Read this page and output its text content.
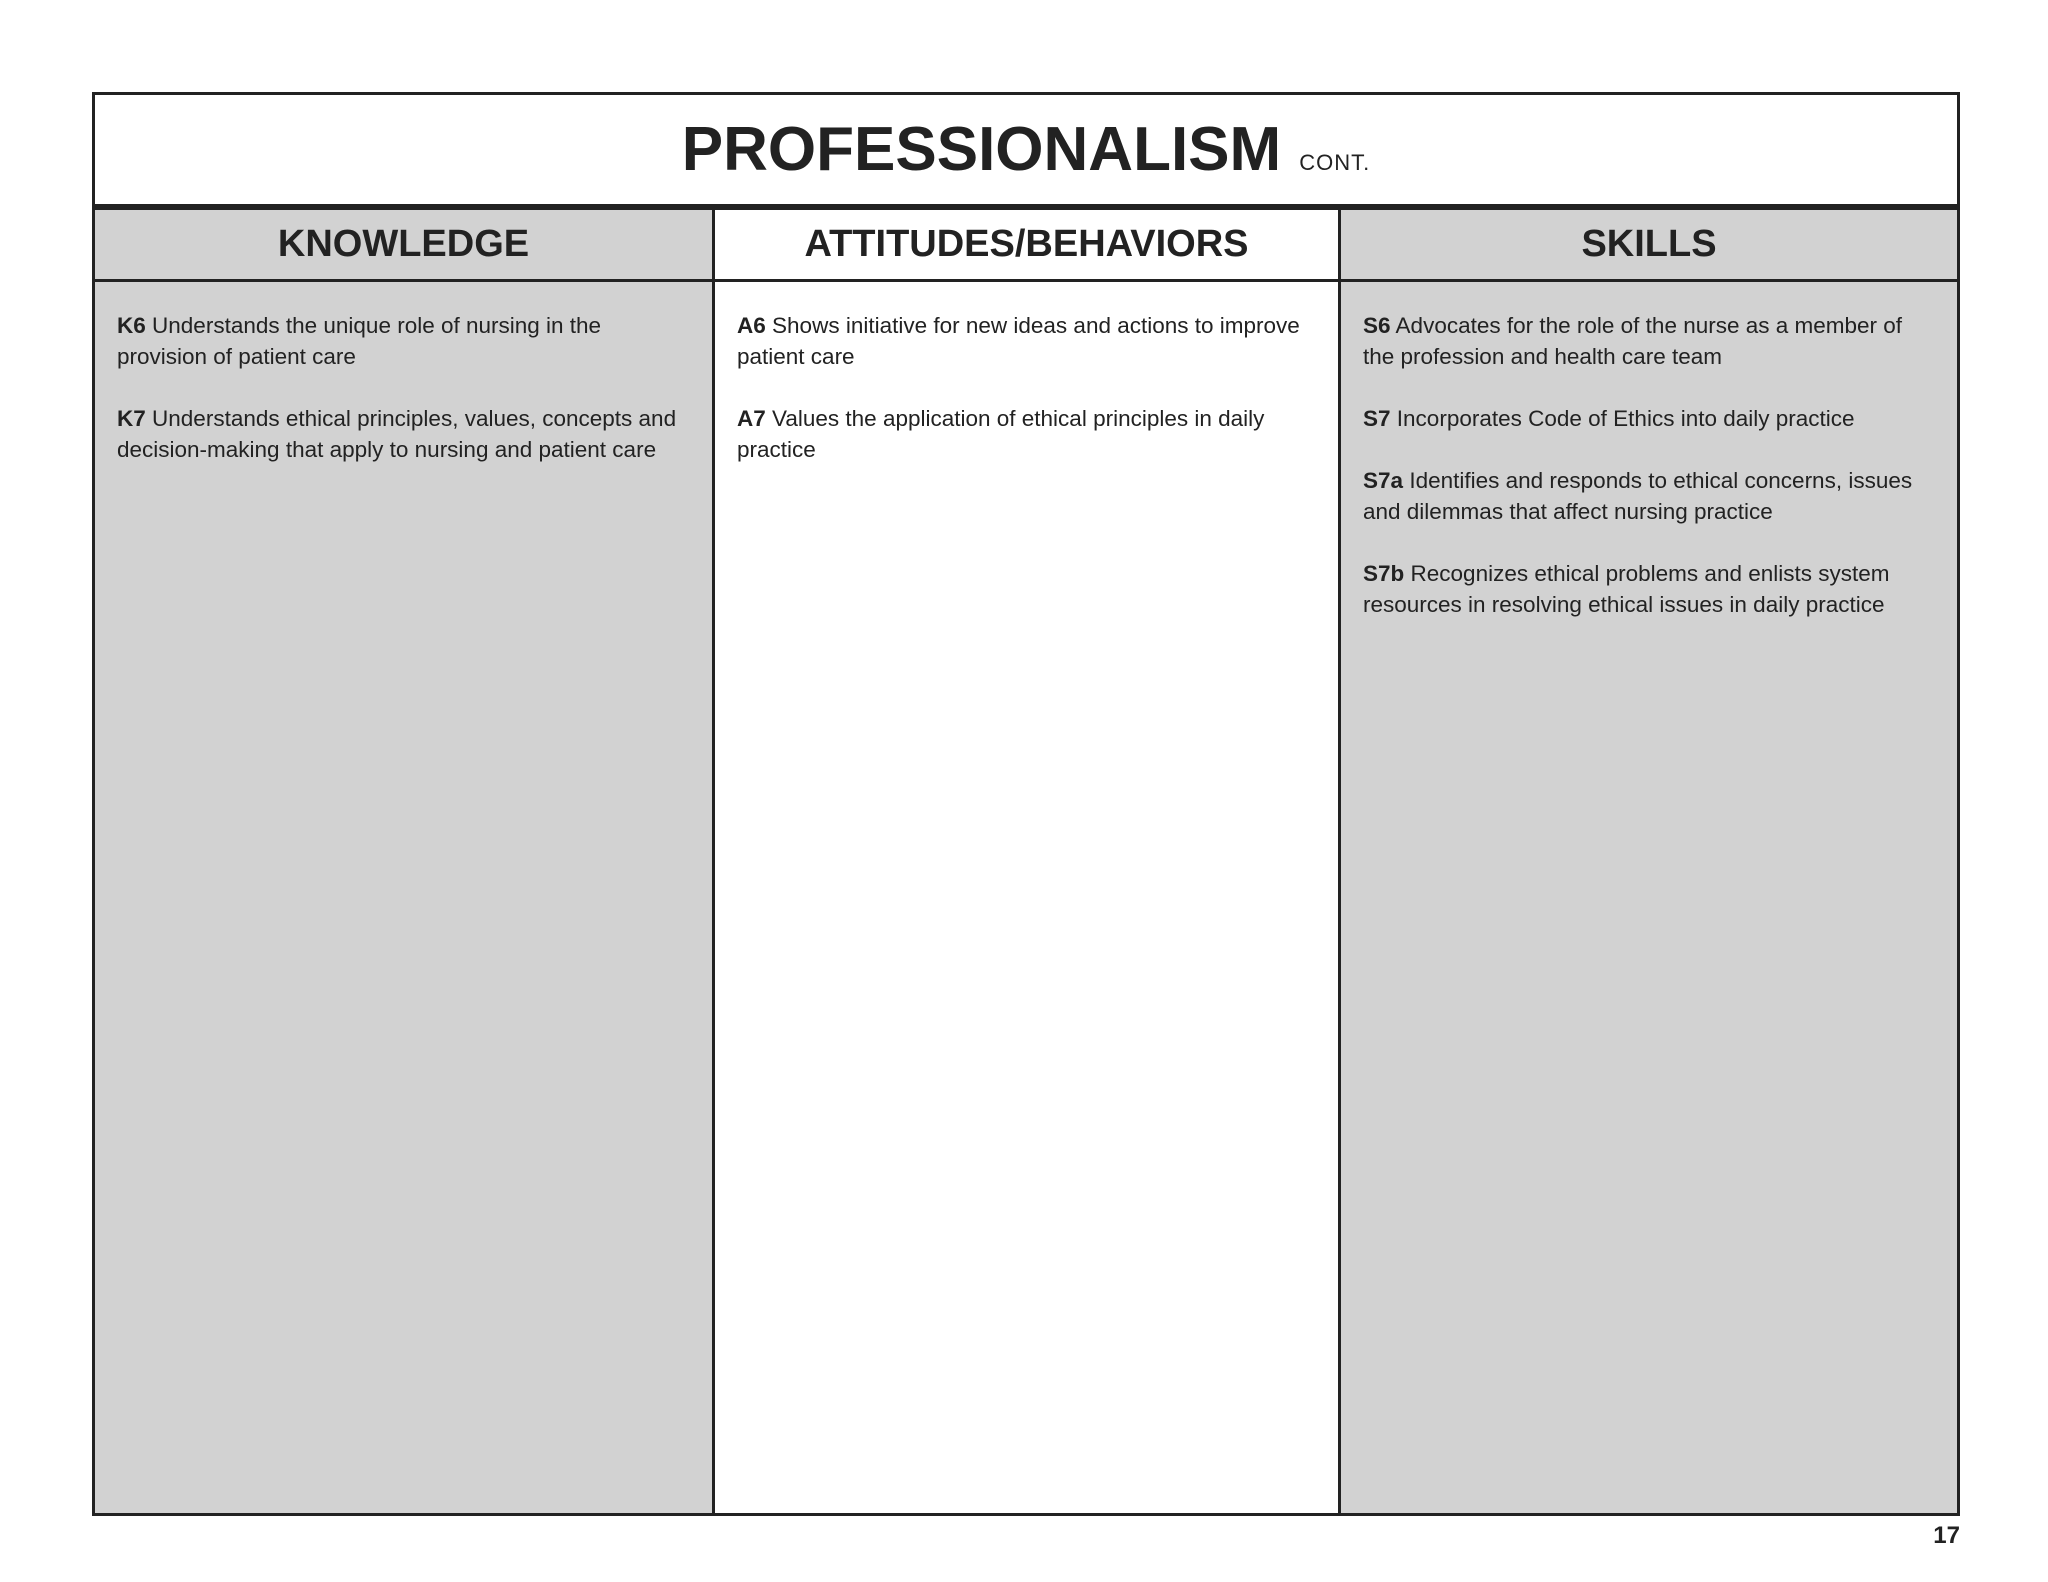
PROFESSIONALISM CONT.
KNOWLEDGE
K6 Understands the unique role of nursing in the provision of patient care
K7 Understands ethical principles, values, concepts and decision-making that apply to nursing and patient care
ATTITUDES/BEHAVIORS
A6 Shows initiative for new ideas and actions to improve patient care
A7 Values the application of ethical principles in daily practice
SKILLS
S6 Advocates for the role of the nurse as a member of the profession and health care team
S7 Incorporates Code of Ethics into daily practice
S7a Identifies and responds to ethical concerns, issues and dilemmas that affect nursing practice
S7b Recognizes ethical problems and enlists system resources in resolving ethical issues in daily practice
17
